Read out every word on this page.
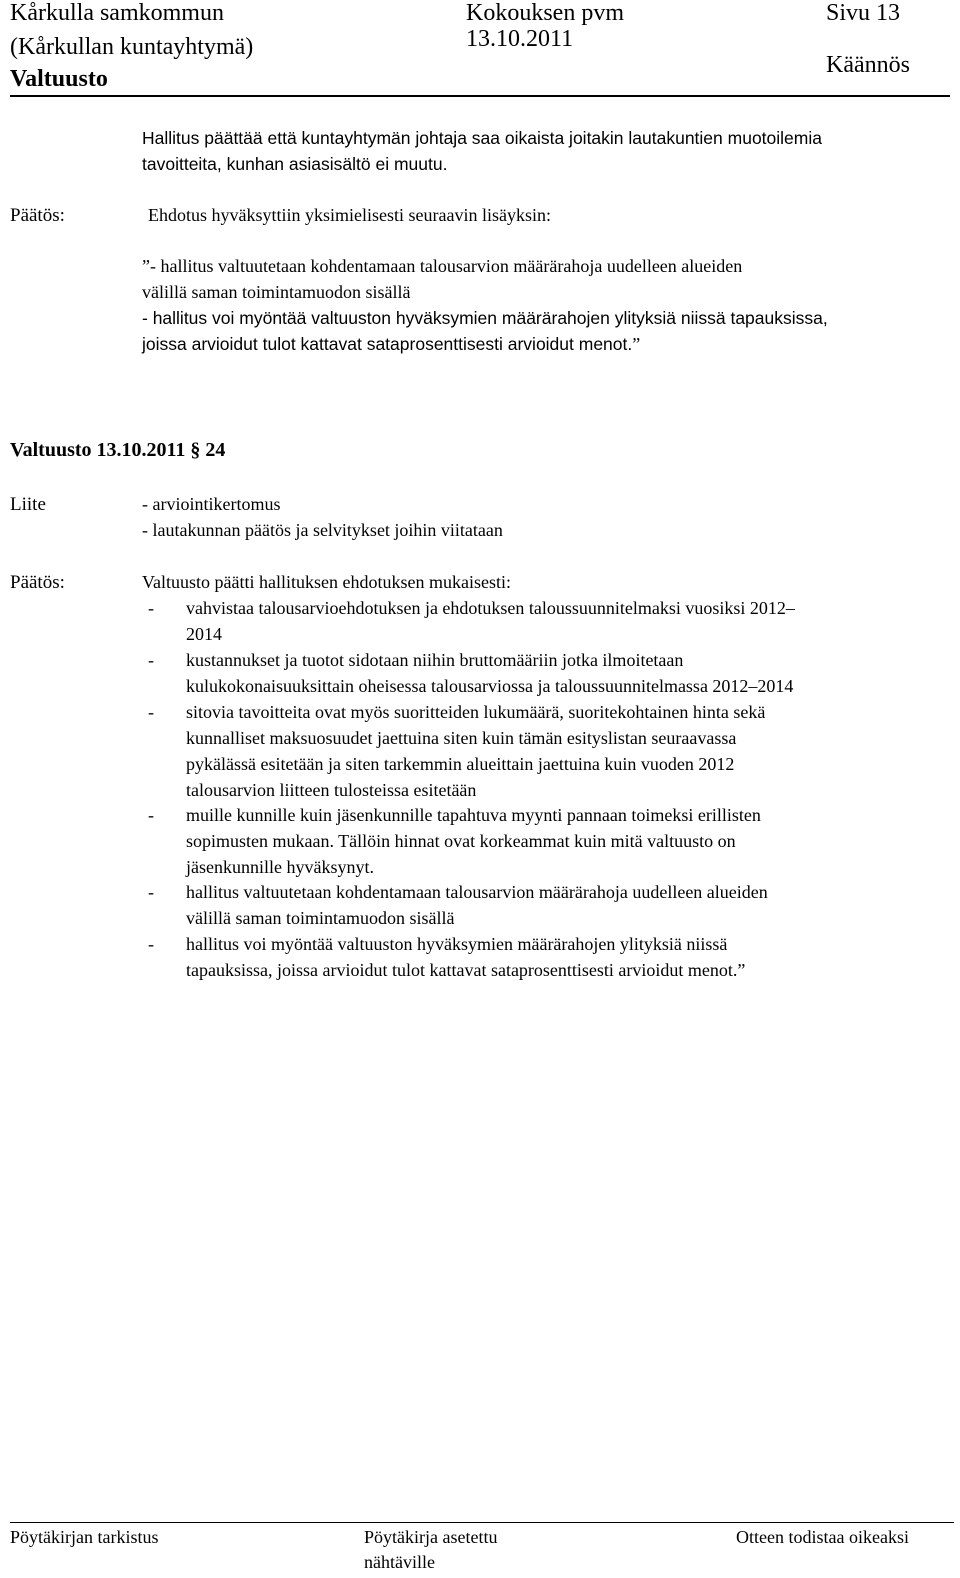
Kårkulla samkommun
(Kårkullan kuntayhtymä)
Valtuusto
Kokouksen pvm
13.10.2011
Sivu 13
Käännös
Hallitus päättää että kuntayhtymän johtaja saa oikaista joitakin lautakuntien muotoilemia
tavoitteita, kunhan asiasisältö ei muutu.
Päätös:	Ehdotus hyväksyttiin yksimielisesti seuraavin lisäyksin:
”- hallitus valtuutetaan kohdentamaan talousarvion määrärahoja uudelleen alueiden
välillä saman toimintamuodon sisällä
- hallitus voi myöntää valtuuston hyväksymien määrärahojen ylityksiä niissä tapauksissa,
joissa arvioidut tulot kattavat sataprosenttisesti arvioidut menot.”
Valtuusto 13.10.2011 § 24
Liite	- arviointikertomus
- lautakunnan päätös ja selvitykset joihin viitataan
Päätös:	Valtuusto päätti hallituksen ehdotuksen mukaisesti:
- vahvistaa talousarvioehdotuksen ja ehdotuksen taloussuunnitelmaksi vuosiksi 2012–
2014
- kustannukset ja tuotot sidotaan niihin bruttomääriin jotka ilmoitetaan
kulukokonaisuuksittain oheisessa talousarviossa ja taloussuunnitelmassa 2012–2014
- sitovia tavoitteita ovat myös suoritteiden lukumäärä, suoritekohtainen hinta sekä
kunnalliset maksuosuudet jaettuina siten kuin tämän esityslistan seuraavassa
pykälässä esitetään ja siten tarkemmin alueittain jaettuina kuin vuoden 2012
talousarvion liitteen tulosteissa esitetään
- muille kunnille kuin jäsenkunnille tapahtuva myynti pannaan toimeksi erillisten
sopimusten mukaan. Tällöin hinnat ovat korkeammat kuin mitä valtuusto on
jäsenkunnille hyväksynyt.
- hallitus valtuutetaan kohdentamaan talousarvion määrärahoja uudelleen alueiden
välillä saman toimintamuodon sisällä
- hallitus voi myöntää valtuuston hyväksymien määrärahojen ylityksiä niissä
tapauksissa, joissa arvioidut tulot kattavat sataprosenttisesti arvioidut menot.”
Pöytäkirjan tarkistus	Pöytäkirja asetettu
nähtäville
Otteen todistaa oikeaksi
